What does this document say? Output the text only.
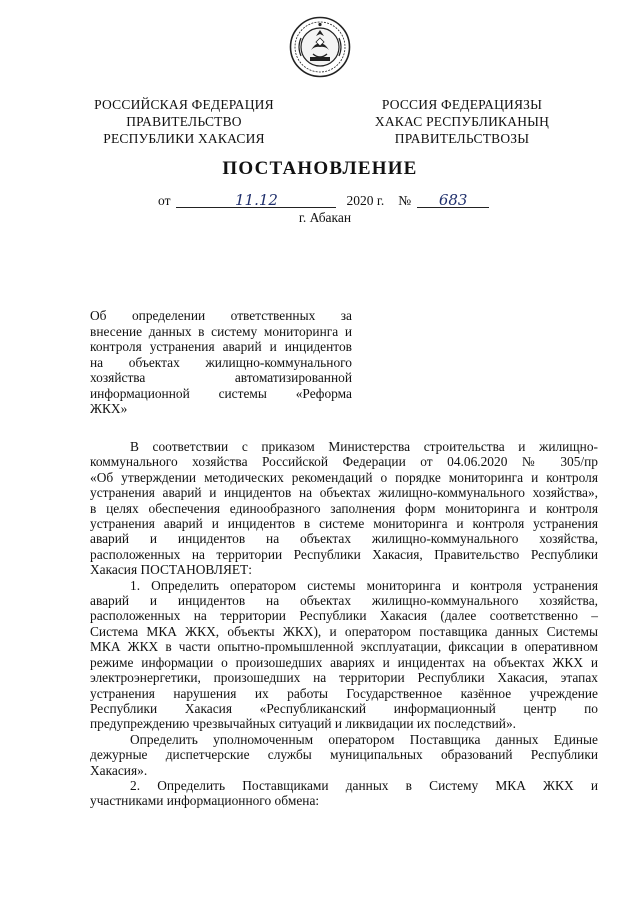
РОССИЙСКАЯ ФЕДЕРАЦИЯ
ПРАВИТЕЛЬСТВО
РЕСПУБЛИКИ ХАКАСИЯ
РОССИЯ ФЕДЕРАЦИЯЗЫ
ХАКАС РЕСПУБЛИКАНЫҢ
ПРАВИТЕЛЬСТВОЗЫ
ПОСТАНОВЛЕНИЕ
от	11.12	2020 г. № 683
г. Абакан
Об определении ответственных за
внесение данных в систему мониторинга и
контроля устранения аварий и инцидентов
на объектах жилищно-коммунального
хозяйства автоматизированной
информационной системы «Реформа
ЖКХ»
В соответствии с приказом Министерства строительства и жилищно-
коммунального хозяйства Российской Федерации от 04.06.2020 № 305/пр
«Об утверждении методических рекомендаций о порядке мониторинга и контроля
устранения аварий и инцидентов на объектах жилищно-коммунального хозяйства»,
в целях обеспечения единообразного заполнения форм мониторинга и контроля
устранения аварий и инцидентов в системе мониторинга и контроля устранения
аварий и инцидентов на объектах жилищно-коммунального хозяйства,
расположенных на территории Республики Хакасия, Правительство Республики
Хакасия ПОСТАНОВЛЯЕТ:
1. Определить оператором системы мониторинга и контроля устранения
аварий и инцидентов на объектах жилищно-коммунального хозяйства,
расположенных на территории Республики Хакасия (далее соответственно –
Система МКА ЖКХ, объекты ЖКХ), и оператором поставщика данных Системы
МКА ЖКХ в части опытно-промышленной эксплуатации, фиксации в оперативном
режиме информации о произошедших авариях и инцидентах на объектах ЖКХ и
электроэнергетики, произошедших на территории Республики Хакасия, этапах
устранения нарушения их работы Государственное казённое учреждение
Республики Хакасия «Республиканский информационный центр по
предупреждению чрезвычайных ситуаций и ликвидации их последствий».
Определить уполномоченным оператором Поставщика данных Единые
дежурные диспетчерские службы муниципальных образований Республики
Хакасия».
2. Определить Поставщиками данных в Систему МКА ЖКХ и
участниками информационного обмена:
